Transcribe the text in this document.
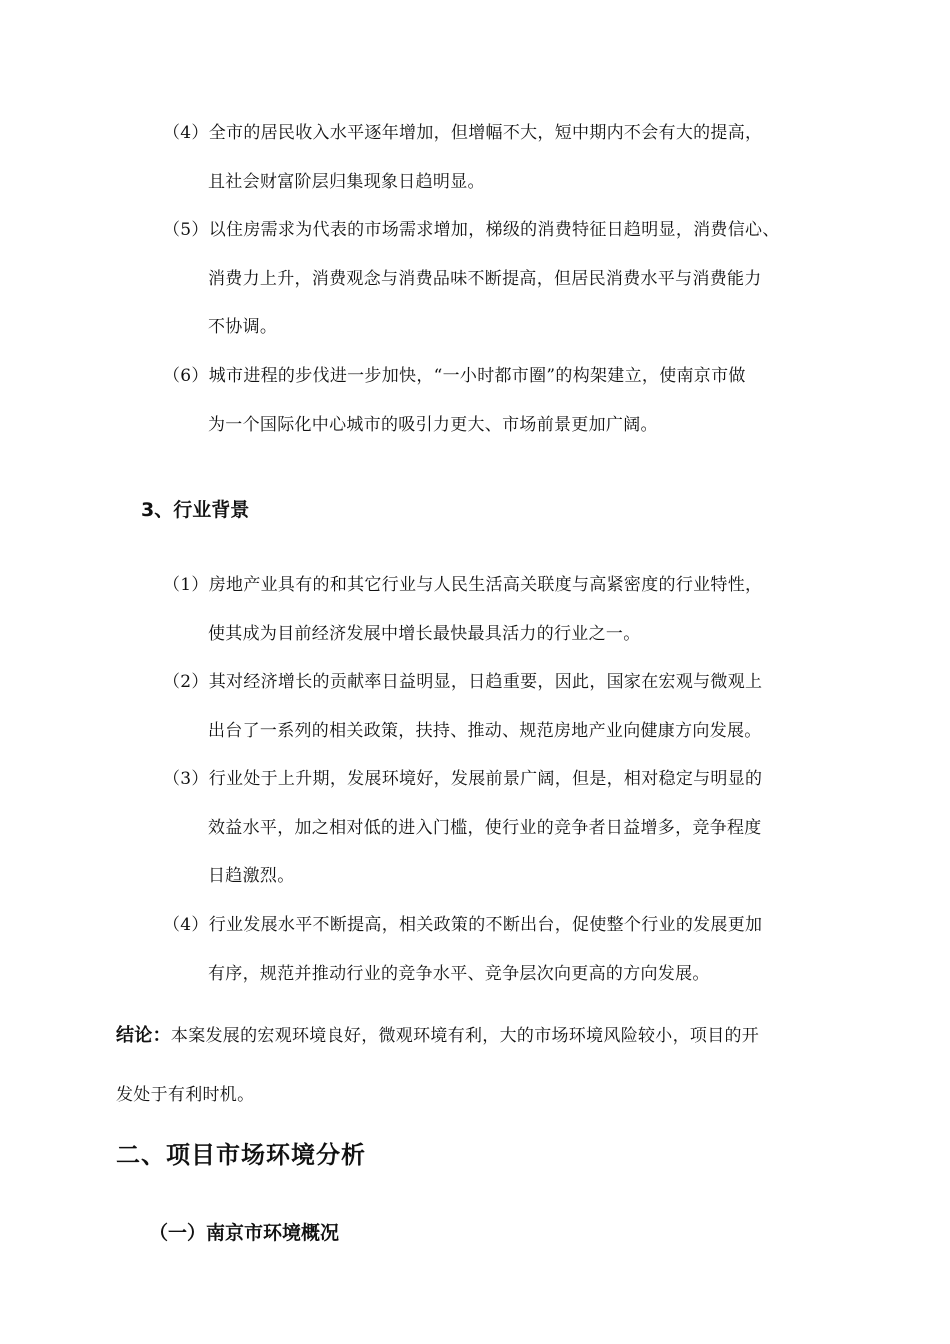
（4）全市的居民收入水平逐年增加，但增幅不大，短中期内不会有大的提高，
且社会财富阶层归集现象日趋明显。
（5）以住房需求为代表的市场需求增加，梯级的消费特征日趋明显，消费信心、
消费力上升，消费观念与消费品味不断提高，但居民消费水平与消费能力
不协调。
（6）城市进程的步伐进一步加快，“一小时都市圈”的构架建立，使南京市做
为一个国际化中心城市的吸引力更大、市场前景更加广阔。
3、行业背景
（1）房地产业具有的和其它行业与人民生活高关联度与高紧密度的行业特性，
使其成为目前经济发展中增长最快最具活力的行业之一。
（2）其对经济增长的贡献率日益明显，日趋重要，因此，国家在宏观与微观上
出台了一系列的相关政策，扶持、推动、规范房地产业向健康方向发展。
（3）行业处于上升期，发展环境好，发展前景广阔，但是，相对稳定与明显的
效益水平，加之相对低的进入门槛，使行业的竞争者日益增多，竞争程度
日趋激烈。
（4）行业发展水平不断提高，相关政策的不断出台，促使整个行业的发展更加
有序，规范并推动行业的竞争水平、竞争层次向更高的方向发展。
结论：本案发展的宏观环境良好，微观环境有利，大的市场环境风险较小，项目的开
发处于有利时机。
二、项目市场环境分析
（一）南京市环境概况
